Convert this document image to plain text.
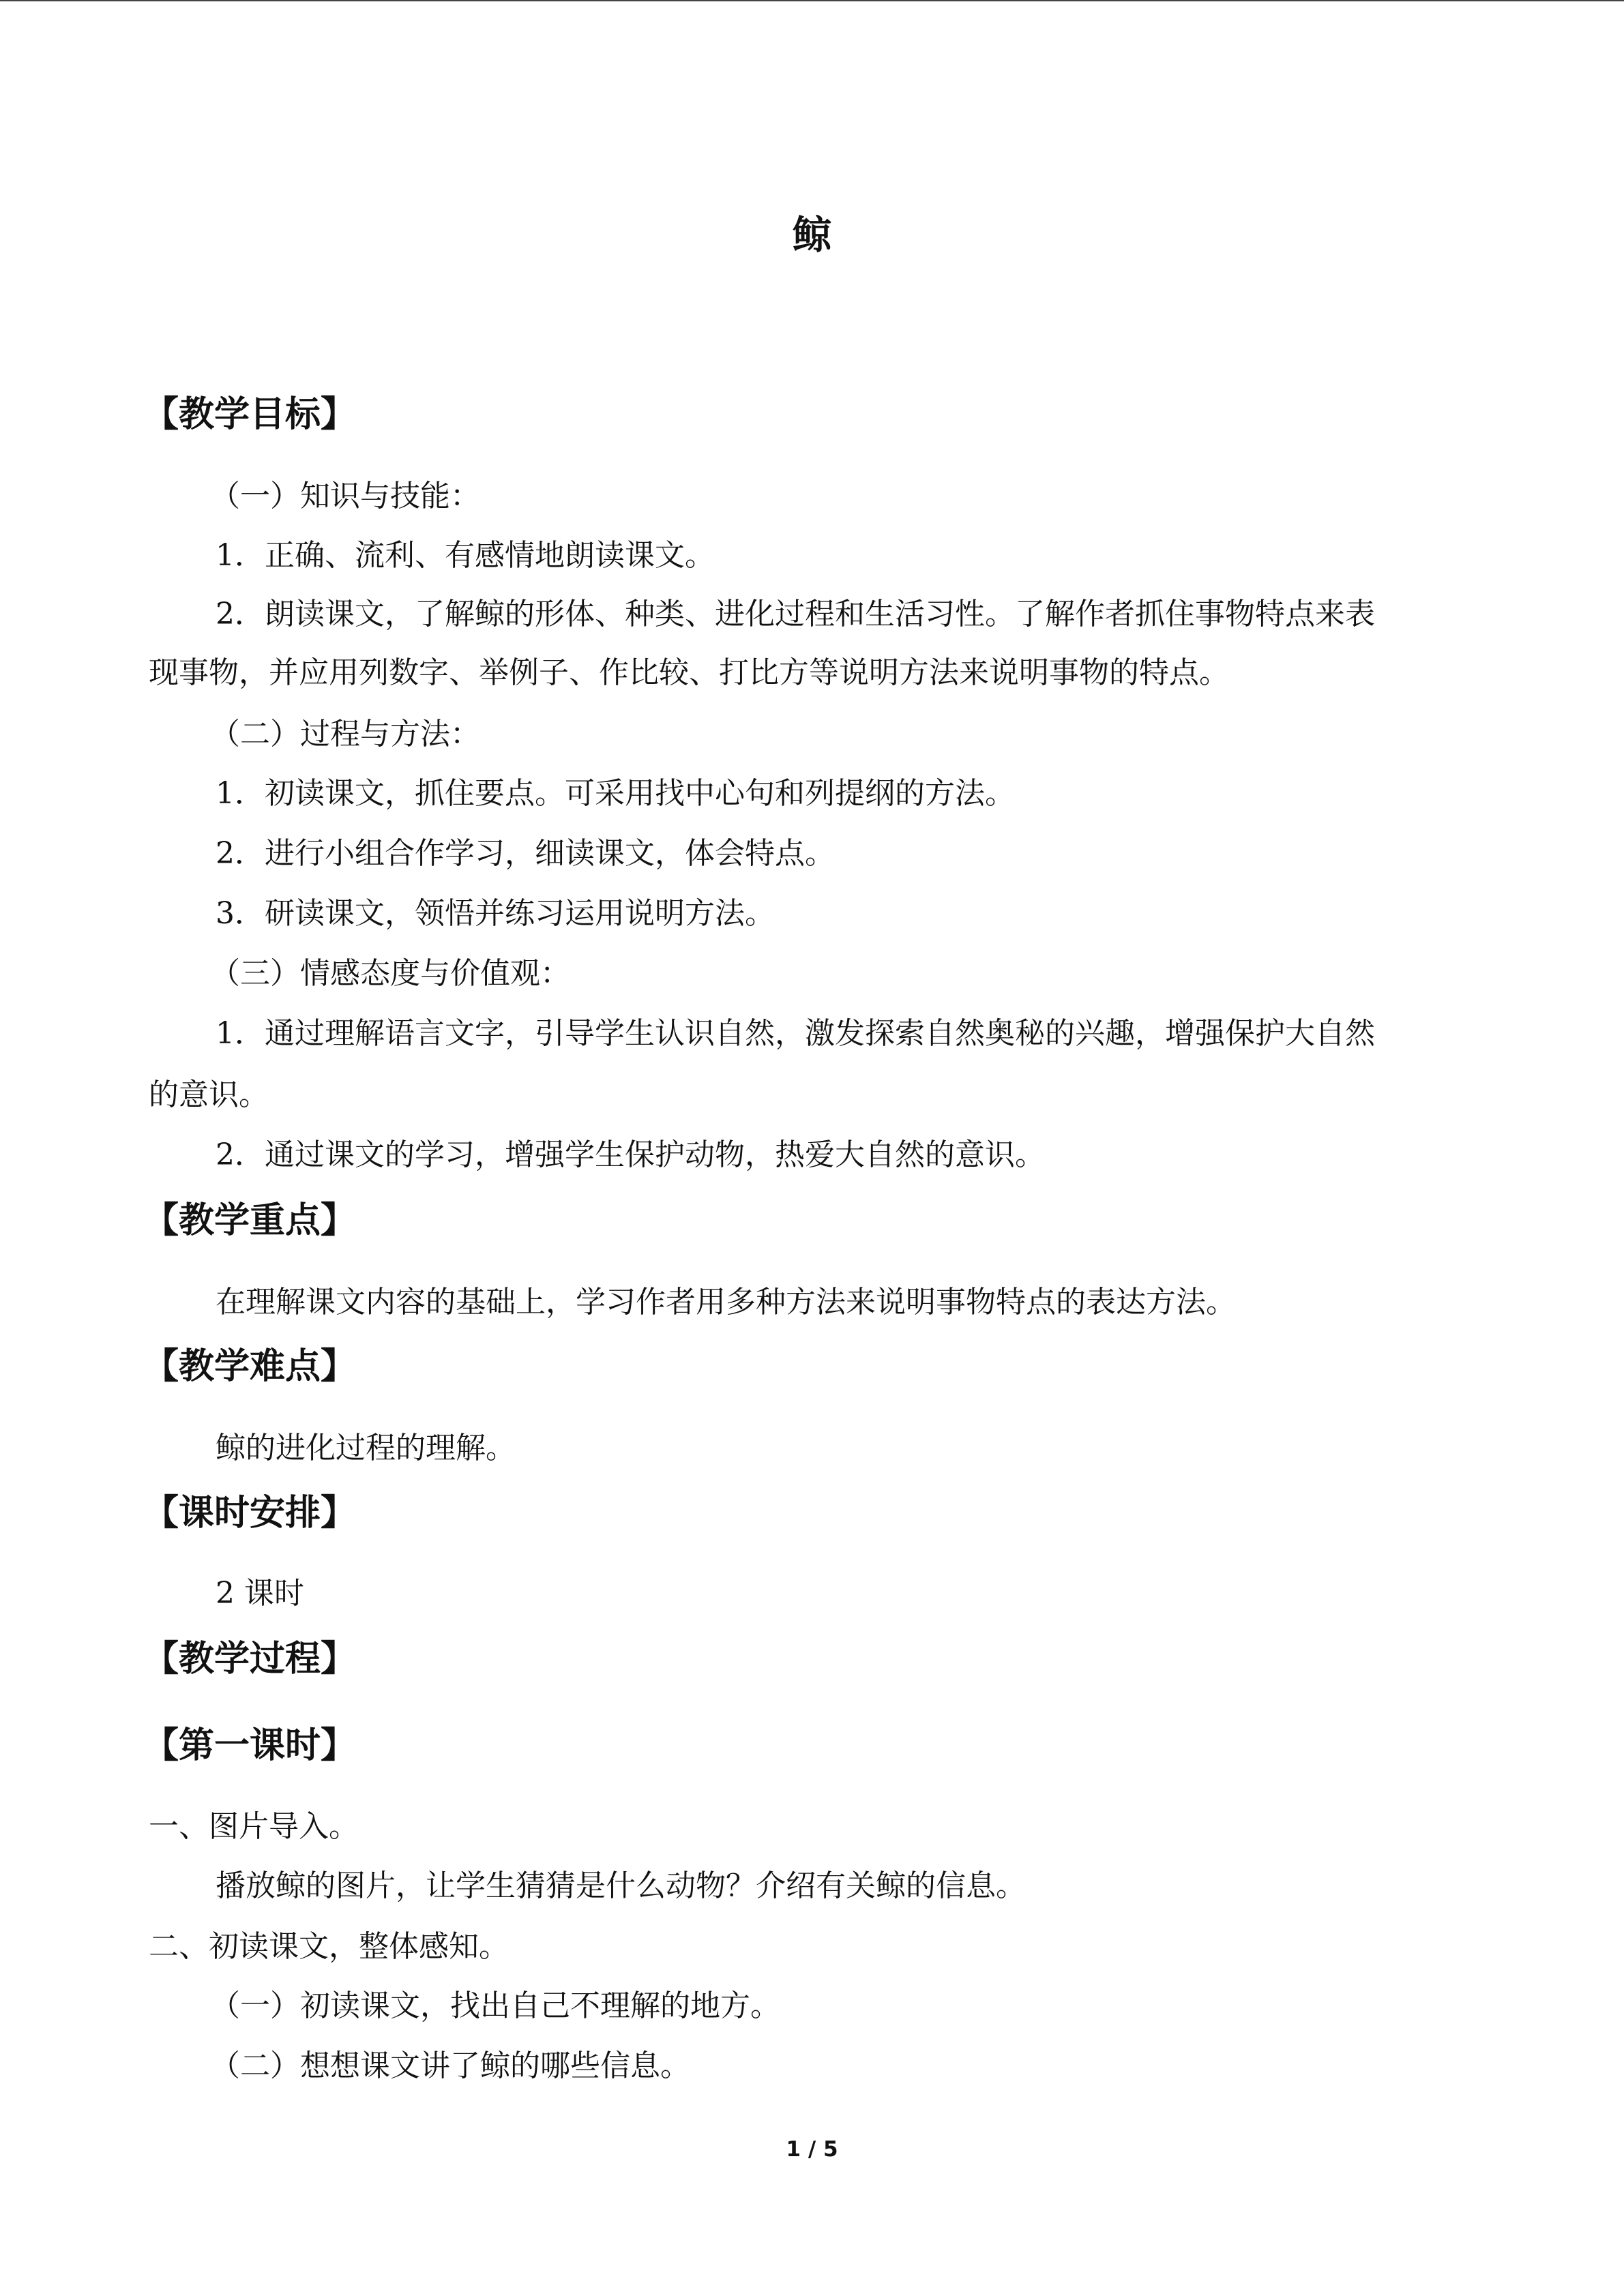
鲸
【教学目标】
（一）知识与技能：
1．正确、流利、有感情地朗读课文。
2．朗读课文，了解鲸的形体、种类、进化过程和生活习性。了解作者抓住事物特点来表
现事物，并应用列数字、举例子、作比较、打比方等说明方法来说明事物的特点。
（二）过程与方法：
1．初读课文，抓住要点。可采用找中心句和列提纲的方法。
2．进行小组合作学习，细读课文，体会特点。
3．研读课文，领悟并练习运用说明方法。
（三）情感态度与价值观：
1．通过理解语言文字，引导学生认识自然，激发探索自然奥秘的兴趣，增强保护大自然
的意识。
2．通过课文的学习，增强学生保护动物，热爱大自然的意识。
【教学重点】
在理解课文内容的基础上，学习作者用多种方法来说明事物特点的表达方法。
【教学难点】
鲸的进化过程的理解。
【课时安排】
2 课时
【教学过程】
【第一课时】
一、图片导入。
播放鲸的图片，让学生猜猜是什么动物？介绍有关鲸的信息。
二、初读课文，整体感知。
（一）初读课文，找出自己不理解的地方。
（二）想想课文讲了鲸的哪些信息。
1 / 5
